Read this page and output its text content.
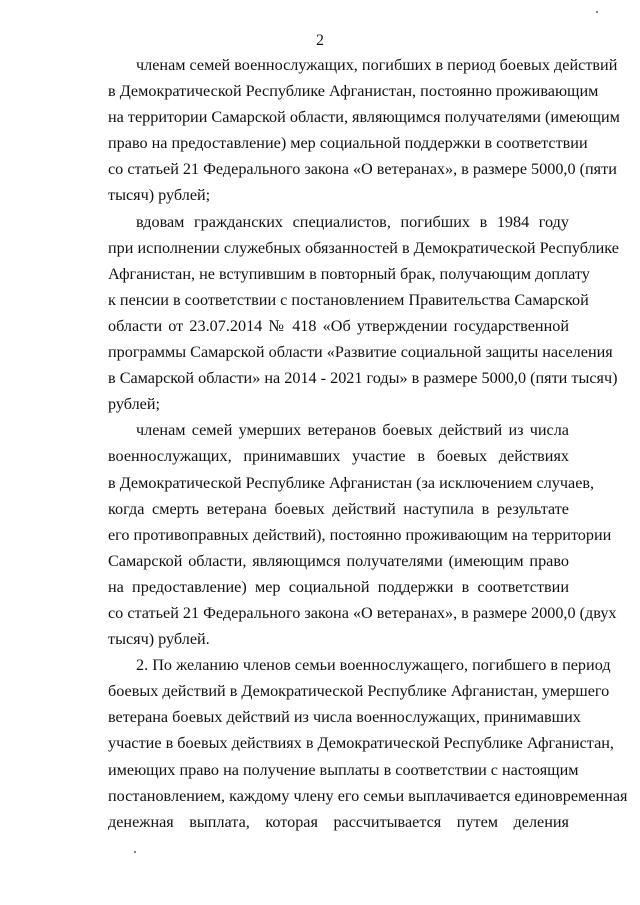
2
членам семей военнослужащих, погибших в период боевых действий
в Демократической Республике Афганистан, постоянно проживающим
на территории Самарской области, являющимся получателями (имеющим
право на предоставление) мер социальной поддержки в соответствии
со статьей 21 Федерального закона «О ветеранах», в размере 5000,0 (пяти
тысяч) рублей;
вдовам гражданских специалистов, погибших в 1984 году
при исполнении служебных обязанностей в Демократической Республике
Афганистан, не вступившим в повторный брак, получающим доплату
к пенсии в соответствии с постановлением Правительства Самарской
области от 23.07.2014 № 418 «Об утверждении государственной
программы Самарской области «Развитие социальной защиты населения
в Самарской области» на 2014 - 2021 годы» в размере 5000,0 (пяти тысяч)
рублей;
членам семей умерших ветеранов боевых действий из числа
военнослужащих, принимавших участие в боевых действиях
в Демократической Республике Афганистан (за исключением случаев,
когда смерть ветерана боевых действий наступила в результате
его противоправных действий), постоянно проживающим на территории
Самарской области, являющимся получателями (имеющим право
на предоставление) мер социальной поддержки в соответствии
со статьей 21 Федерального закона «О ветеранах», в размере 2000,0 (двух
тысяч) рублей.
2. По желанию членов семьи военнослужащего, погибшего в период
боевых действий в Демократической Республике Афганистан, умершего
ветерана боевых действий из числа военнослужащих, принимавших
участие в боевых действиях в Демократической Республике Афганистан,
имеющих право на получение выплаты в соответствии с настоящим
постановлением, каждому члену его семьи выплачивается единовременная
денежная выплата, которая рассчитывается путем деления
